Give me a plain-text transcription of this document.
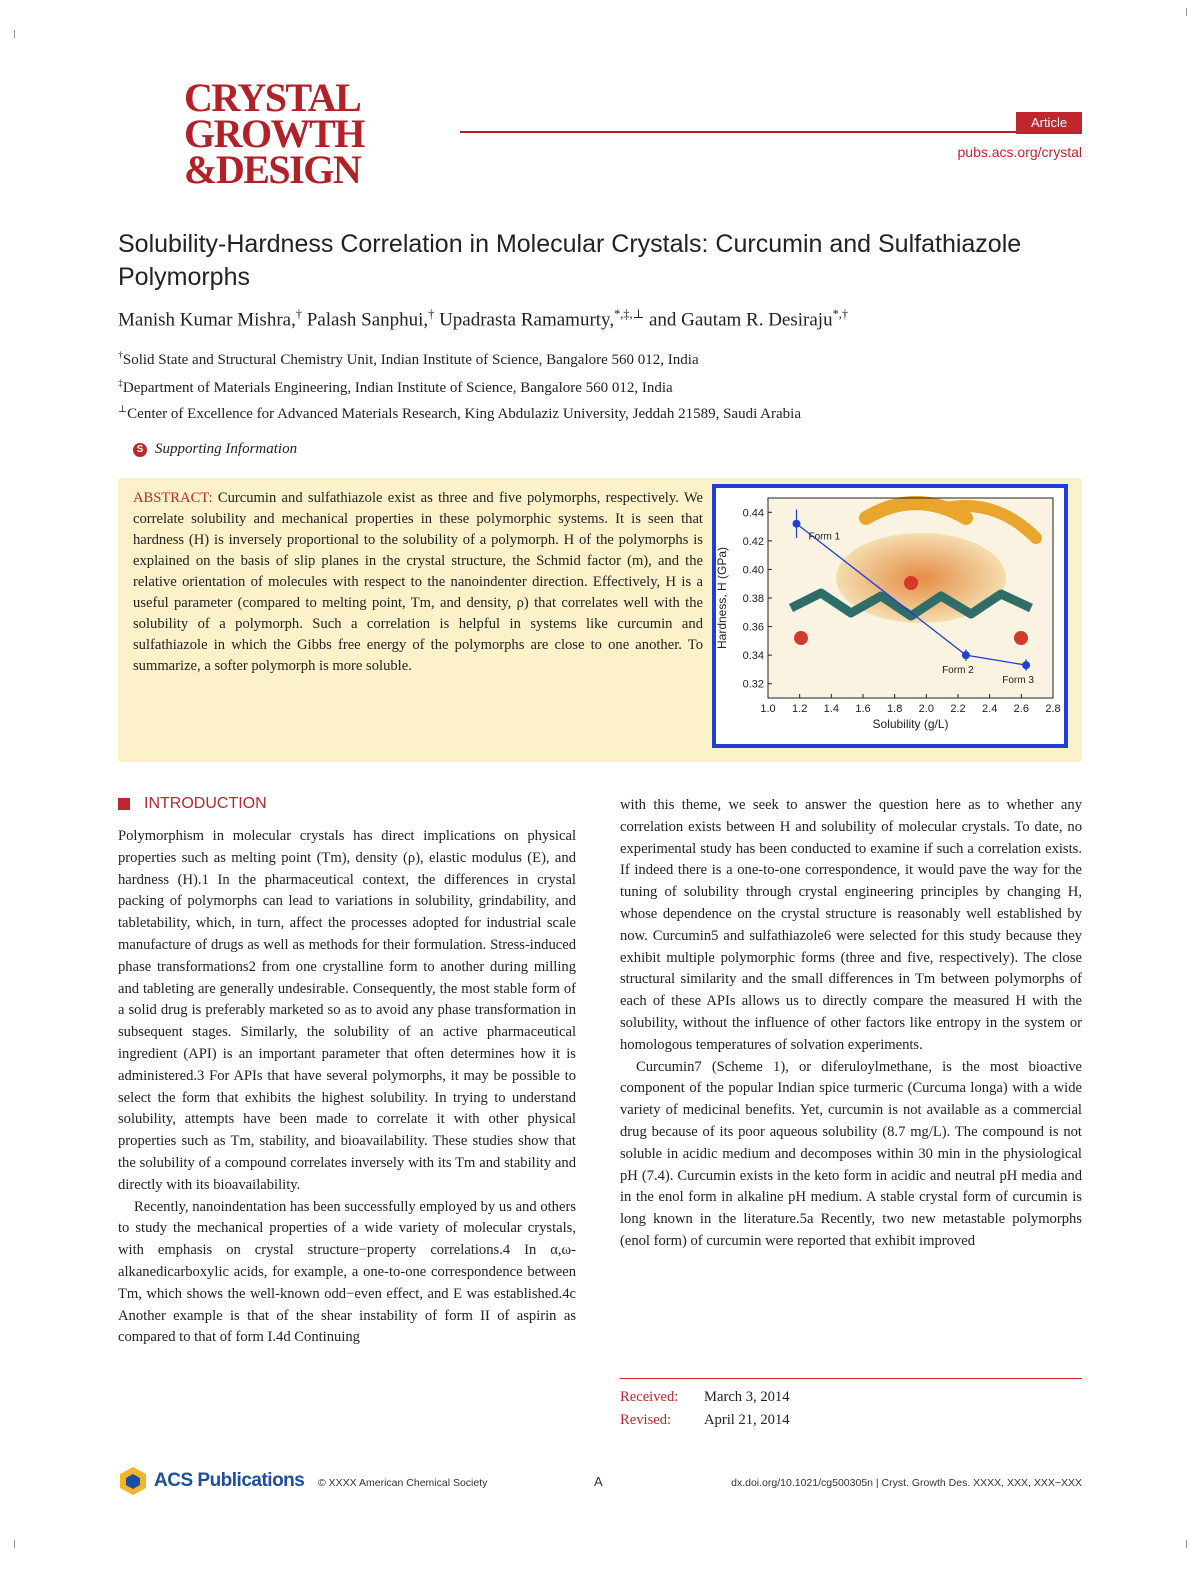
CRYSTAL
GROWTH
&DESIGN
Article
pubs.acs.org/crystal
Solubility-Hardness Correlation in Molecular Crystals: Curcumin and Sulfathiazole Polymorphs
Manish Kumar Mishra,† Palash Sanphui,† Upadrasta Ramamurty,*,‡,⊥ and Gautam R. Desiraju*,†
†Solid State and Structural Chemistry Unit, Indian Institute of Science, Bangalore 560 012, India
‡Department of Materials Engineering, Indian Institute of Science, Bangalore 560 012, India
⊥Center of Excellence for Advanced Materials Research, King Abdulaziz University, Jeddah 21589, Saudi Arabia
S Supporting Information
ABSTRACT: Curcumin and sulfathiazole exist as three and five polymorphs, respectively. We correlate solubility and mechanical properties in these polymorphic systems. It is seen that hardness (H) is inversely proportional to the solubility of a polymorph. H of the polymorphs is explained on the basis of slip planes in the crystal structure, the Schmid factor (m), and the relative orientation of molecules with respect to the nanoindenter direction. Effectively, H is a useful parameter (compared to melting point, Tm, and density, ρ) that correlates well with the solubility of a polymorph. Such a correlation is helpful in systems like curcumin and sulfathiazole in which the Gibbs free energy of the polymorphs are close to one another. To summarize, a softer polymorph is more soluble.
1.0 1.2 1.4 1.6 1.8 2.0 2.2 2.4 2.6 2.8
0.32
0.34
0.36
0.38
0.40
0.42
0.44
Solubility (g/L)
Hardness, H (GPa)
Form 1
Form 2
Form 3
INTRODUCTION

Polymorphism in molecular crystals has direct implications on physical properties such as melting point (Tm), density (ρ), elastic modulus (E), and hardness (H).1 In the pharmaceutical context, the differences in crystal packing of polymorphs can lead to variations in solubility, grindability, and tabletability, which, in turn, affect the processes adopted for industrial scale manufacture of drugs as well as methods for their formulation. Stress-induced phase transformations2 from one crystalline form to another during milling and tableting are generally undesirable. Consequently, the most stable form of a solid drug is preferably marketed so as to avoid any phase transformation in subsequent stages. Similarly, the solubility of an active pharmaceutical ingredient (API) is an important parameter that often determines how it is administered.3 For APIs that have several polymorphs, it may be possible to select the form that exhibits the highest solubility. In trying to understand solubility, attempts have been made to correlate it with other physical properties such as Tm, stability, and bioavailability. These studies show that the solubility of a compound correlates inversely with its Tm and stability and directly with its bioavailability.

Recently, nanoindentation has been successfully employed by us and others to study the mechanical properties of a wide variety of molecular crystals, with emphasis on crystal structure−property correlations.4 In α,ω-alkanedicarboxylic acids, for example, a one-to-one correspondence between Tm, which shows the well-known odd−even effect, and E was established.4c Another example is that of the shear instability of form II of aspirin as compared to that of form I.4d Continuing

with this theme, we seek to answer the question here as to whether any correlation exists between H and solubility of molecular crystals. To date, no experimental study has been conducted to examine if such a correlation exists. If indeed there is a one-to-one correspondence, it would pave the way for the tuning of solubility through crystal engineering principles by changing H, whose dependence on the crystal structure is reasonably well established by now. Curcumin5 and sulfathiazole6 were selected for this study because they exhibit multiple polymorphic forms (three and five, respectively). The close structural similarity and the small differences in Tm between polymorphs of each of these APIs allows us to directly compare the measured H with the solubility, without the influence of other factors like entropy in the system or homologous temperatures of solvation experiments.

Curcumin7 (Scheme 1), or diferuloylmethane, is the most bioactive component of the popular Indian spice turmeric (Curcuma longa) with a wide variety of medicinal benefits. Yet, curcumin is not available as a commercial drug because of its poor aqueous solubility (8.7 mg/L). The compound is not soluble in acidic medium and decomposes within 30 min in the physiological pH (7.4). Curcumin exists in the keto form in acidic and neutral pH media and in the enol form in alkaline pH medium. A stable crystal form of curcumin is long known in the literature.5a Recently, two new metastable polymorphs (enol form) of curcumin were reported that exhibit improved

Received: March 3, 2014
Revised: April 21, 2014
ACS Publications © XXXX American Chemical Society	A	dx.doi.org/10.1021/cg500305n | Cryst. Growth Des. XXXX, XXX, XXX−XXX
